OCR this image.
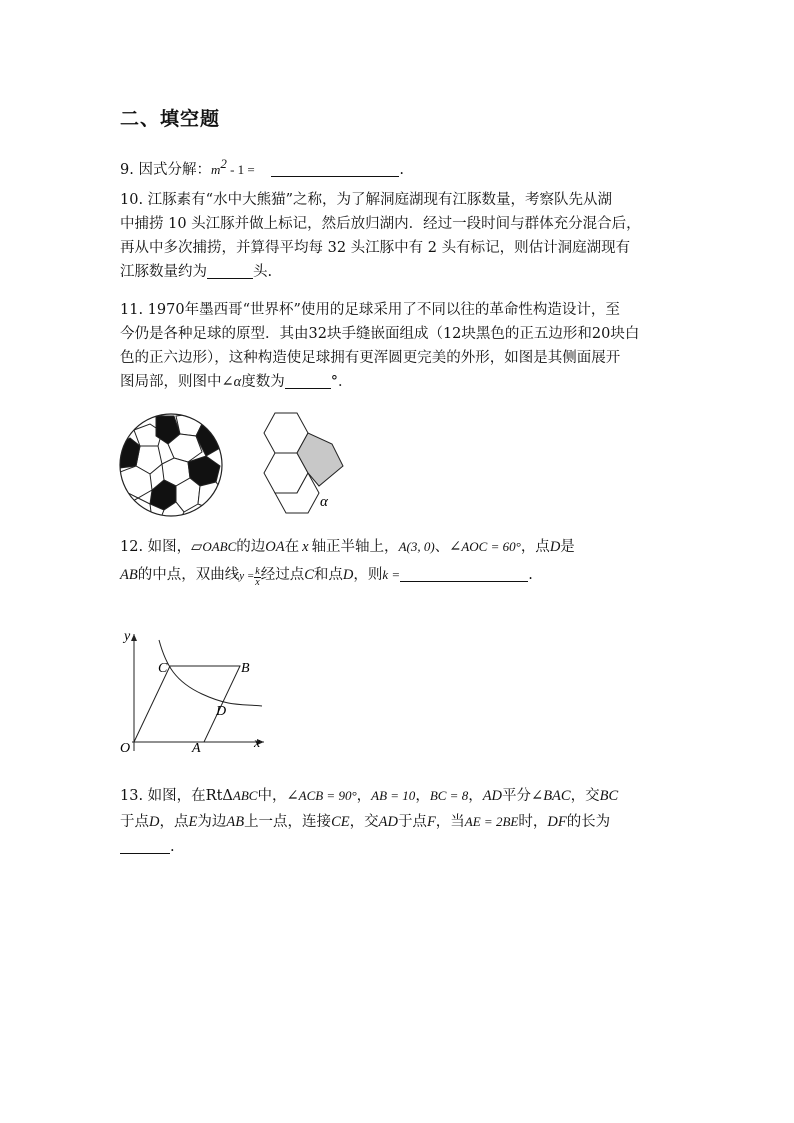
二、填空题
9. 因式分解：$m^2 - 1$ =	.
10. 江豚素有“水中大熊猫”之称，为了解洞庭湖现有江豚数量，考察队先从湖
中捕捞 10 头江豚并做上标记，然后放归湖内．经过一段时间与群体充分混合后，
再从中多次捕捞，并算得平均每 32 头江豚中有 2 头有标记，则估计洞庭湖现有
江豚数量约为	头.
11. 1970年墨西哥“世界杯”使用的足球采用了不同以往的革命性构造设计，至
今仍是各种足球的原型．其由32块手缝嵌面组成（12块黑色的正五边形和20块白
色的正六边形），这种构造使足球拥有更浑圆更完美的外形，如图是其侧面展开
图局部，则图中∠α度数为	°．
α
12. 如图，▱OABC的边OA在 x 轴正半轴上，A(3, 0)、∠AOC = 60°，点D是
AB的中点，双曲线$y = \frac{k}{x}$ 经过点C和点D，则k =	.
y
x
O	A
B
C
D
13. 如图，在RtΔABC中，∠ACB = 90°，AB = 10，BC = 8，AD平分∠BAC，交BC
于点D，点E为边AB上一点，连接CE，交AD于点F，当AE = 2BE时，DF的长为
.
